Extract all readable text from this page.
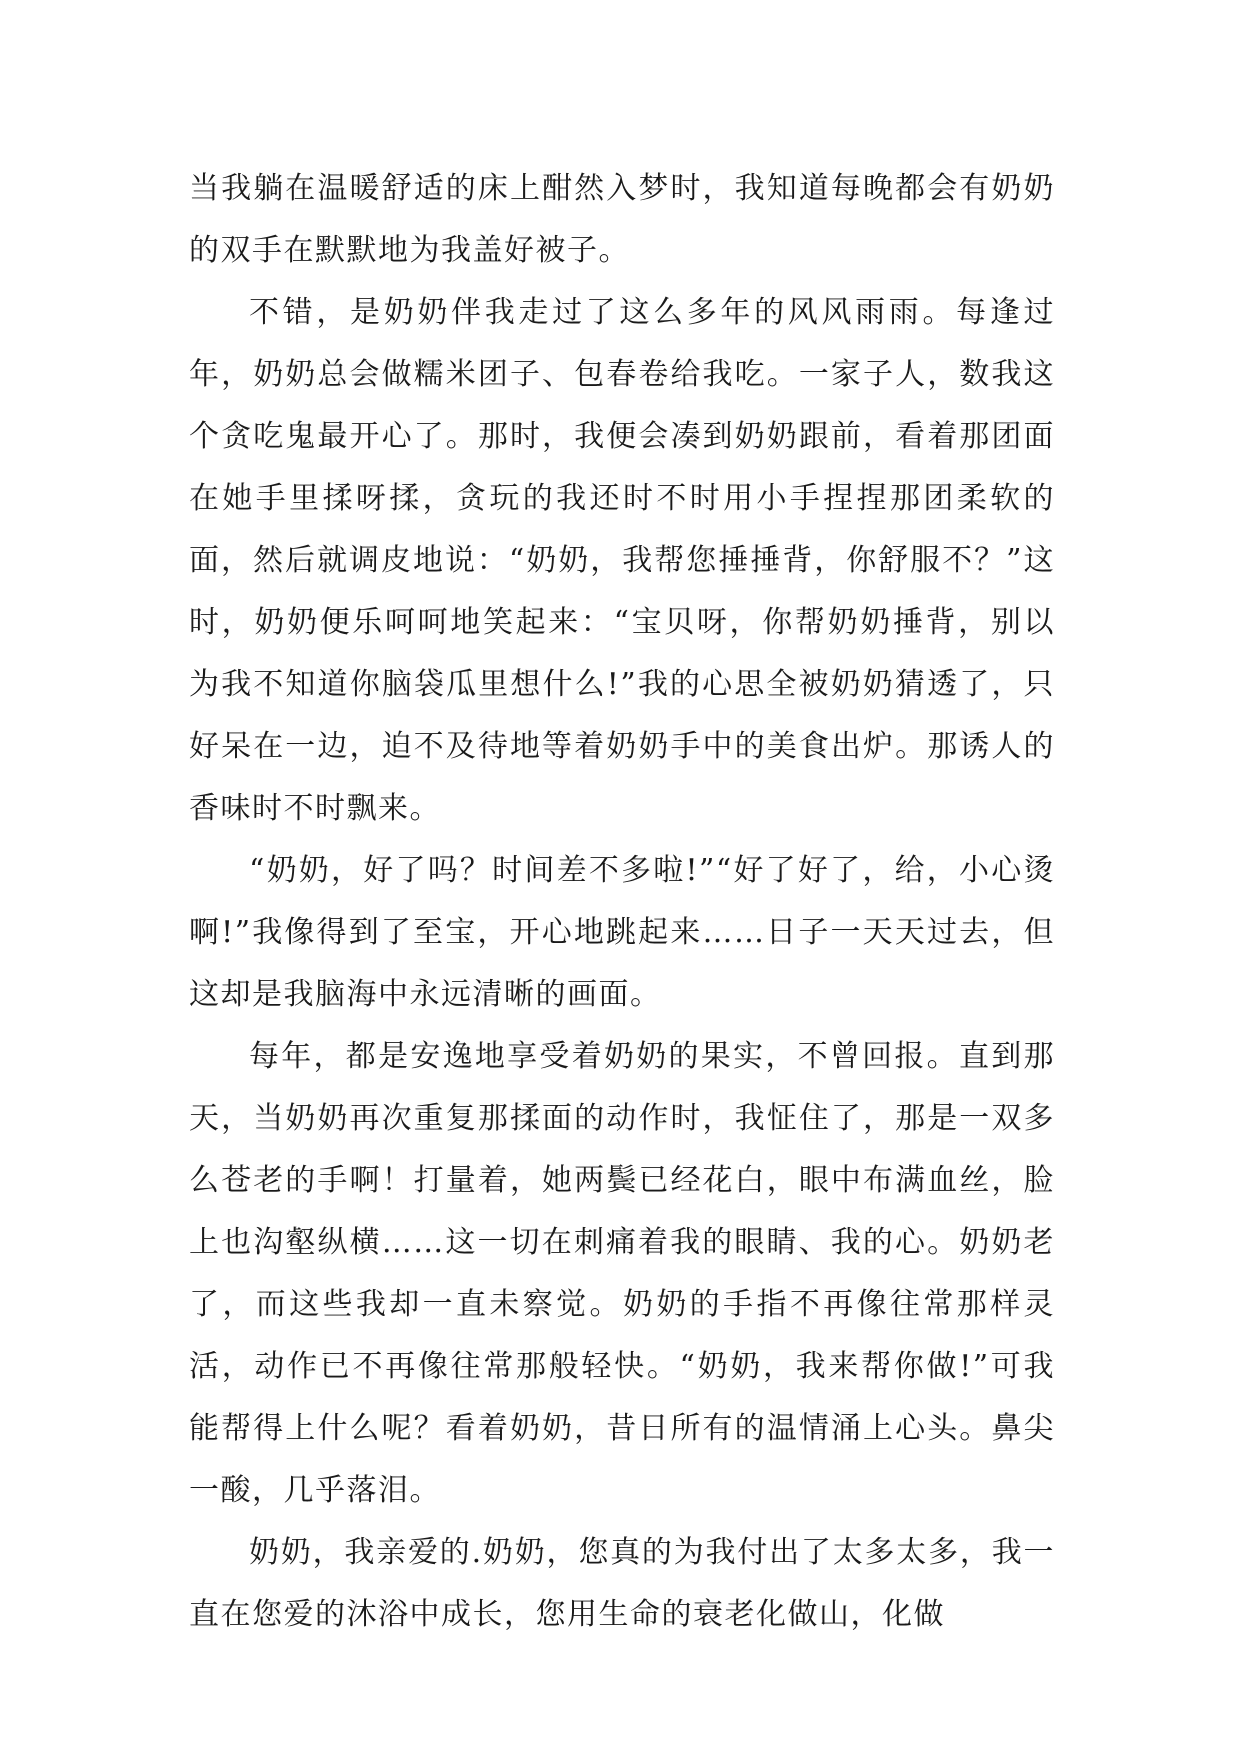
当我躺在温暖舒适的床上酣然入梦时，我知道每晚都会有奶奶的双手在默默地为我盖好被子。

不错，是奶奶伴我走过了这么多年的风风雨雨。每逢过年，奶奶总会做糯米团子、包春卷给我吃。一家子人，数我这个贪吃鬼最开心了。那时，我便会凑到奶奶跟前，看着那团面在她手里揉呀揉，贪玩的我还时不时用小手捏捏那团柔软的面，然后就调皮地说：“奶奶，我帮您捶捶背，你舒服不？”这时，奶奶便乐呵呵地笑起来：“宝贝呀，你帮奶奶捶背，别以为我不知道你脑袋瓜里想什么!”我的心思全被奶奶猜透了，只好呆在一边，迫不及待地等着奶奶手中的美食出炉。那诱人的香味时不时飘来。

“奶奶，好了吗？时间差不多啦!”“好了好了，给，小心烫啊!”我像得到了至宝，开心地跳起来……日子一天天过去，但这却是我脑海中永远清晰的画面。

每年，都是安逸地享受着奶奶的果实，不曾回报。直到那天，当奶奶再次重复那揉面的动作时，我怔住了，那是一双多么苍老的手啊！打量着，她两鬓已经花白，眼中布满血丝，脸上也沟壑纵横……这一切在刺痛着我的眼睛、我的心。奶奶老了，而这些我却一直未察觉。奶奶的手指不再像往常那样灵活，动作已不再像往常那般轻快。“奶奶，我来帮你做!”可我能帮得上什么呢？看着奶奶，昔日所有的温情涌上心头。鼻尖一酸，几乎落泪。

奶奶，我亲爱的.奶奶，您真的为我付出了太多太多，我一直在您爱的沐浴中成长，您用生命的衰老化做山，化做
